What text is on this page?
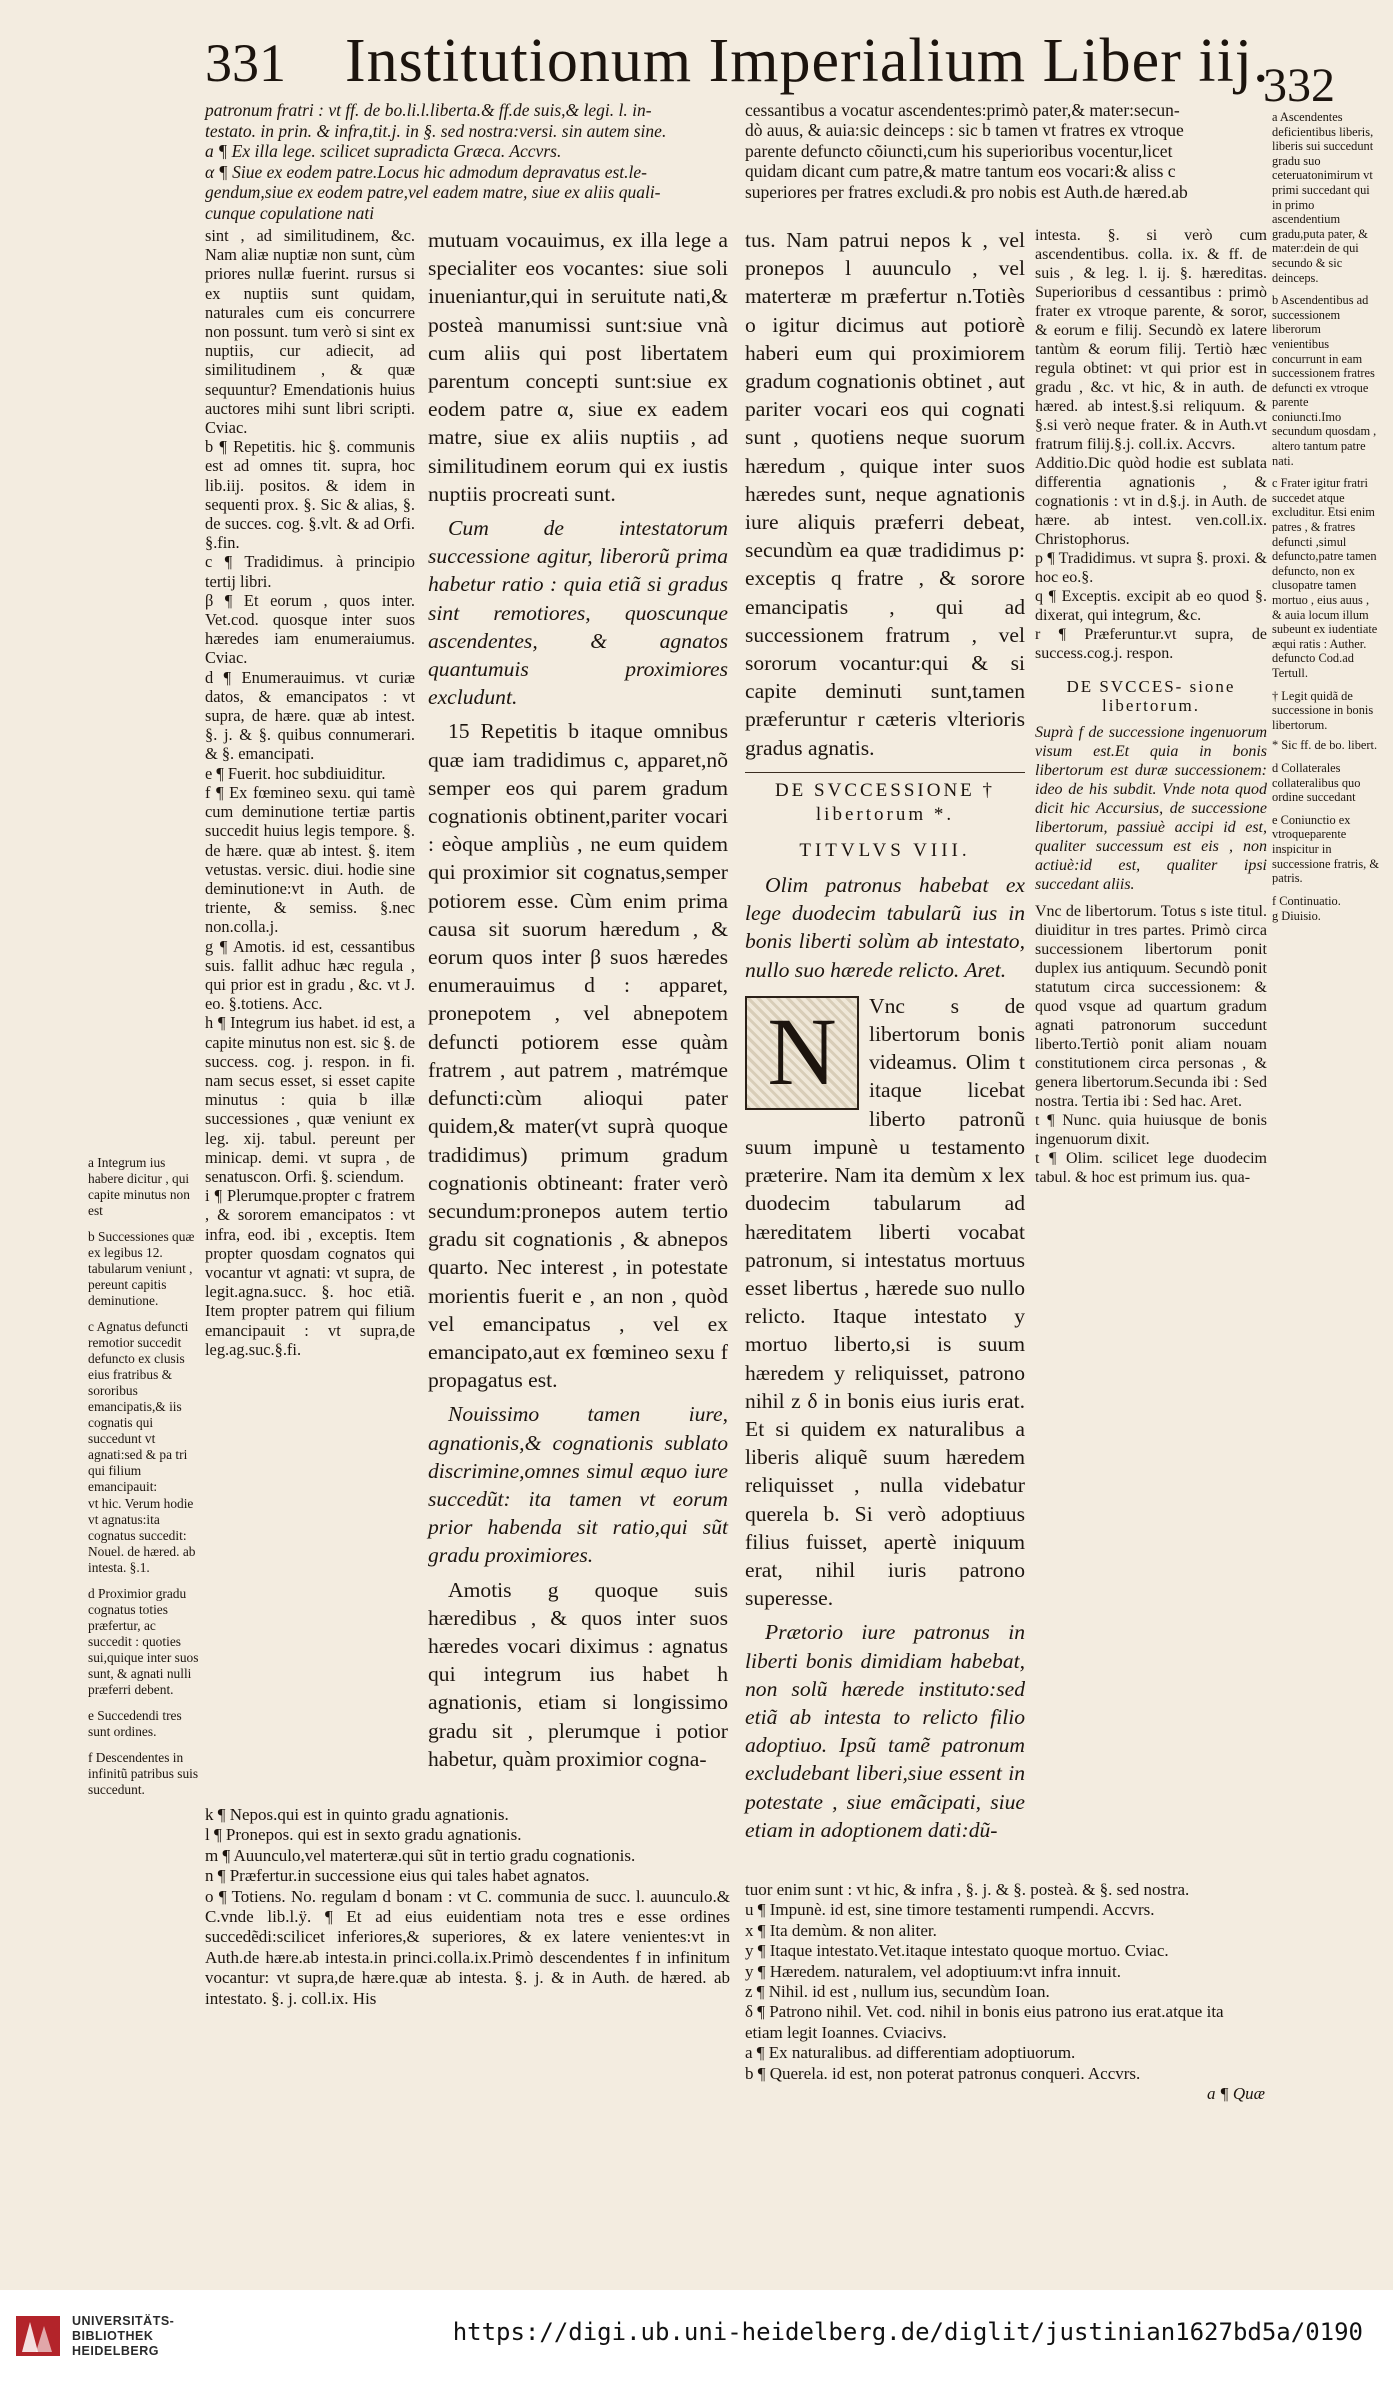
331 Institutionum Imperialium Liber iij.
332

patronum fratri : vt ff. de bo.li.l.liberta.& ff.de suis,& legi. l. in-

testato. in prin. & infra,tit.j. in §. sed nostra:versi. sin autem sine.

a ¶ Ex illa lege. scilicet supradicta Græca. Accvrs.

α ¶ Siue ex eodem patre.Locus hic admodum depravatus est.le-

gendum,siue ex eodem patre,vel eadem matre, siue ex aliis quali-

cunque copulatione nati

sint , ad similitudinem, &c. Nam aliæ nuptiæ non sunt, cùm priores nullæ fuerint. rursus si ex nuptiis sunt quidam, naturales cum eis concurrere non possunt. tum verò si sint ex nuptiis, cur adiecit, ad similitudinem , & quæ sequuntur? Emendationis huius auctores mihi sunt libri scripti. Cviac.

b ¶ Repetitis. hic §. communis est ad omnes tit. supra, hoc lib.iij. positos. & idem in sequenti prox. §. Sic & alias, §. de succes. cog. §.vlt. & ad Orfi. §.fin.

c ¶ Tradidimus. à principio tertij libri.

β ¶ Et eorum , quos inter. Vet.cod. quosque inter suos hæredes iam enumeraiumus. Cviac.

d ¶ Enumerauimus. vt curiæ datos, & emancipatos : vt supra, de hære. quæ ab intest. §. j. & §. quibus connumerari. & §. emancipati.

e ¶ Fuerit. hoc subdiuiditur.

f ¶ Ex fœmineo sexu. qui tamè cum deminutione tertiæ partis succedit huius legis tempore. §. de hære. quæ ab intest. §. item vetustas. versic. diui. hodie sine deminutione:vt in Auth. de triente, & semiss. §.nec non.colla.j.

g ¶ Amotis. id est, cessantibus suis. fallit adhuc hæc regula , qui prior est in gradu , &c. vt J. eo. §.totiens. Acc.

h ¶ Integrum ius habet. id est, a capite minutus non est. sic §. de success. cog. j. respon. in fi. nam secus esset, si esset capite minutus : quia b illæ successiones , quæ veniunt ex leg. xij. tabul. pereunt per minicap. demi. vt supra , de senatuscon. Orfi. §. sciendum.

i ¶ Plerumque.propter c fratrem , & sororem emancipatos : vt infra, eod. ibi , exceptis. Item propter quosdam cognatos qui vocantur vt agnati: vt supra, de legit.agna.succ. §. hoc etiã. Item propter patrem qui filium emancipauit : vt supra,de leg.ag.suc.§.fi.

a Integrum ius habere dicitur , qui capite minutus non est

b Successiones quæ ex legibus 12. tabularum veniunt , pereunt capitis deminutione.

c Agnatus defuncti remotior succedit defuncto ex clusis eius fratribus & sororibus emancipatis,& iis cognatis qui succedunt vt agnati:sed & pa tri qui filium emancipauit:

vt hic. Verum hodie vt agnatus:ita cognatus succedit: Nouel. de hæred. ab intesta. §.1.

d Proximior gradu cognatus toties præfertur, ac succedit : quoties sui,quique inter suos sunt, & agnati nulli præferri debent.

e Succedendi tres sunt ordines.

f Descendentes in infinitũ patribus suis succedunt.

mutuam vocauimus, ex illa lege a specialiter eos vocantes: siue soli inueniantur,qui in seruitute nati,& posteà manumissi sunt:siue vnà cum aliis qui post libertatem parentum concepti sunt:siue ex eodem patre α, siue ex eadem matre, siue ex aliis nuptiis , ad similitudinem eorum qui ex iustis nuptiis procreati sunt.

Cum de intestatorum successione agitur, liberorũ prima habetur ratio : quia etiã si gradus sint remotiores, quoscunque ascendentes, & agnatos quantumuis proximiores excludunt.

15 Repetitis b itaque omnibus quæ iam tradidimus c, apparet,nõ semper eos qui parem gradum cognationis obtinent,pariter vocari : eòque ampliùs , ne eum quidem qui proximior sit cognatus,semper potiorem esse. Cùm enim prima causa sit suorum hæredum , & eorum quos inter β suos hæredes enumerauimus d : apparet, pronepotem , vel abnepotem defuncti potiorem esse quàm fratrem , aut patrem , matrémque defuncti:cùm alioqui pater quidem,& mater(vt suprà quoque tradidimus) primum gradum cognationis obtineant: frater verò secundum:pronepos autem tertio gradu sit cognationis , & abnepos quarto. Nec interest , in potestate morientis fuerit e , an non , quòd vel emancipatus , vel ex emancipato,aut ex fœmineo sexu f propagatus est.

Nouissimo tamen iure, agnationis,& cognationis sublato discrimine,omnes simul æquo iure succedũt: ita tamen vt eorum prior habenda sit ratio,qui sũt gradu proximiores.

Amotis g quoque suis hæredibus , & quos inter suos hæredes vocari diximus : agnatus qui integrum ius habet h agnationis, etiam si longissimo gradu sit , plerumque i potior habetur, quàm proximior cogna-

k ¶ Nepos.qui est in quinto gradu agnationis.

l ¶ Pronepos. qui est in sexto gradu agnationis.

m ¶ Auunculo,vel materteræ.qui sũt in tertio gradu cognationis.

n ¶ Præfertur.in successione eius qui tales habet agnatos.

o ¶ Totiens. No. regulam d bonam : vt C. communia de succ. l. auunculo.& C.vnde lib.l.ÿ. ¶ Et ad eius euidentiam nota tres e esse ordines succedẽdi:scilicet inferiores,& superiores, & ex latere venientes:vt in Auth.de hære.ab intesta.in princi.colla.ix.Primò descendentes f in infinitum vocantur: vt supra,de hære.quæ ab intesta. §. j. & in Auth. de hæred. ab intestato. §. j. coll.ix. His

cessantibus a vocatur ascendentes:primò pater,& mater:secun-

dò auus, & auia:sic deinceps : sic b tamen vt fratres ex vtroque

parente defuncto cõiuncti,cum his superioribus vocentur,licet

quidam dicant cum patre,& matre tantum eos vocari:& aliss c

superiores per fratres excludi.& pro nobis est Auth.de hæred.ab

tus. Nam patrui nepos k , vel pronepos l auunculo , vel materteræ m præfertur n.Totiès o igitur dicimus aut potiorè haberi eum qui proximiorem gradum cognationis obtinet , aut pariter vocari eos qui cognati sunt , quotiens neque suorum hæredum , quique inter suos hæredes sunt, neque agnationis iure aliquis præferri debeat, secundùm ea quæ tradidimus p: exceptis q fratre , & sorore emancipatis , qui ad successionem fratrum , vel sororum vocantur:qui & si capite deminuti sunt,tamen præferuntur r cæteris vlterioris gradus agnatis.

DE SVCCESSIONE † libertorum *.

TITVLVS VIII.

Olim patronus habebat ex lege duodecim tabularũ ius in bonis liberti solùm ab intestato, nullo suo hærede relicto. Aret.

N	Vnc s de libertorum bonis videamus. Olim t itaque licebat liberto patronũ suum impunè u testamento præterire. Nam ita demùm x lex duodecim tabularum ad hæreditatem liberti vocabat patronum, si intestatus mortuus esset libertus , hærede suo nullo relicto. Itaque intestato y mortuo liberto,si is suum hæredem y reliquisset, patrono nihil z δ in bonis eius iuris erat. Et si quidem ex naturalibus a liberis aliquẽ suum hæredem reliquisset , nulla videbatur querela b. Si verò adoptiuus filius fuisset, apertè iniquum erat, nihil iuris patrono superesse.

Prætorio iure patronus in liberti bonis dimidiam habebat, non solũ hærede instituto:sed etiã ab intesta to relicto filio adoptiuo. Ipsũ tamẽ patronum excludebant liberi,siue essent in potestate , siue emãcipati, siue etiam in adoptionem dati:dũ-

intesta. §. si verò cum ascendentibus. colla. ix. & ff. de suis , & leg. l. ij. §. hæreditas. Superioribus d cessantibus : primò frater ex vtroque parente, & soror, & eorum e filij. Secundò ex latere tantùm & eorum filij. Tertiò hæc regula obtinet: vt qui prior est in gradu , &c. vt hic, & in auth. de hæred. ab intest.§.si reliquum. & §.si verò neque frater. & in Auth.vt fratrum filij.§.j. coll.ix. Accvrs.

Additio.Dic quòd hodie est sublata differentia agnationis , & cognationis : vt in d.§.j. in Auth. de hære. ab intest. ven.coll.ix. Christophorus.

p ¶ Tradidimus. vt supra §. proxi. & hoc eo.§.

q ¶ Exceptis. excipit ab eo quod §. dixerat, qui integrum, &c.

r ¶ Præferuntur.vt supra, de success.cog.j. respon.

DE SVCCES- sione libertorum.

Suprà f de successione ingenuorum visum est.Et quia in bonis libertorum est duræ successionem: ideo de his subdit. Vnde nota quod dicit hic Accursius, de successione libertorum, passiuè accipi id est, qualiter successum est eis , non actiuè:id est, qualiter ipsi succedant aliis.

Vnc de libertorum. Totus s iste titul. diuiditur in tres partes. Primò circa successionem libertorum ponit duplex ius antiquum. Secundò ponit statutum circa successionem: & quod vsque ad quartum gradum agnati patronorum succedunt liberto.Tertiò ponit aliam nouam constitutionem circa personas , & genera libertorum.Secunda ibi : Sed nostra. Tertia ibi : Sed hac. Aret.

t ¶ Nunc. quia huiusque de bonis ingenuorum dixit.

t ¶ Olim. scilicet lege duodecim tabul. & hoc est primum ius. qua-

a Ascendentes deficientibus liberis, liberis sui succedunt gradu suo ceteruatonimirum vt primi succedant qui in primo ascendentium gradu,puta pater, & mater:dein de qui secundo & sic deinceps.

b Ascendentibus ad successionem liberorum venientibus concurrunt in eam successionem fratres defuncti ex vtroque parente coniuncti.Imo secundum quosdam , altero tantum patre nati.

c Frater igitur fratri succedet atque excluditur. Etsi enim patres , & fratres defuncti ,simul defuncto,patre tamen defuncto, non ex clusopatre tamen mortuo , eius auus , & auia locum illum subeunt ex iudentiate æqui ratis : Auther. defuncto Cod.ad Tertull.

† Legit quidã de successione in bonis libertorum.

* Sic ff. de bo. libert.

d Collaterales collateralibus quo ordine succedant

e Coniunctio ex vtroqueparente inspicitur in successione fratris, & patris.

f Continuatio.

g Diuisio.

tuor enim sunt : vt hic, & infra , §. j. & §. posteà. & §. sed nostra.

u ¶ Impunè. id est, sine timore testamenti rumpendi. Accvrs.

x ¶ Ita demùm. & non aliter.

y ¶ Itaque intestato.Vet.itaque intestato quoque mortuo. Cviac.

y ¶ Hæredem. naturalem, vel adoptiuum:vt infra innuit.

z ¶ Nihil. id est , nullum ius, secundùm Ioan.

δ ¶ Patrono nihil. Vet. cod. nihil in bonis eius patrono ius erat.atque ita etiam legit Ioannes. Cviacivs.

a ¶ Ex naturalibus. ad differentiam adoptiuorum.

b ¶ Querela. id est, non poterat patronus conqueri. Accvrs.

a ¶ Quæ

UNIVERSITÄTS-
BIBLIOTHEK
HEIDELBERG
https://digi.ub.uni-heidelberg.de/diglit/justinian1627bd5a/0190
